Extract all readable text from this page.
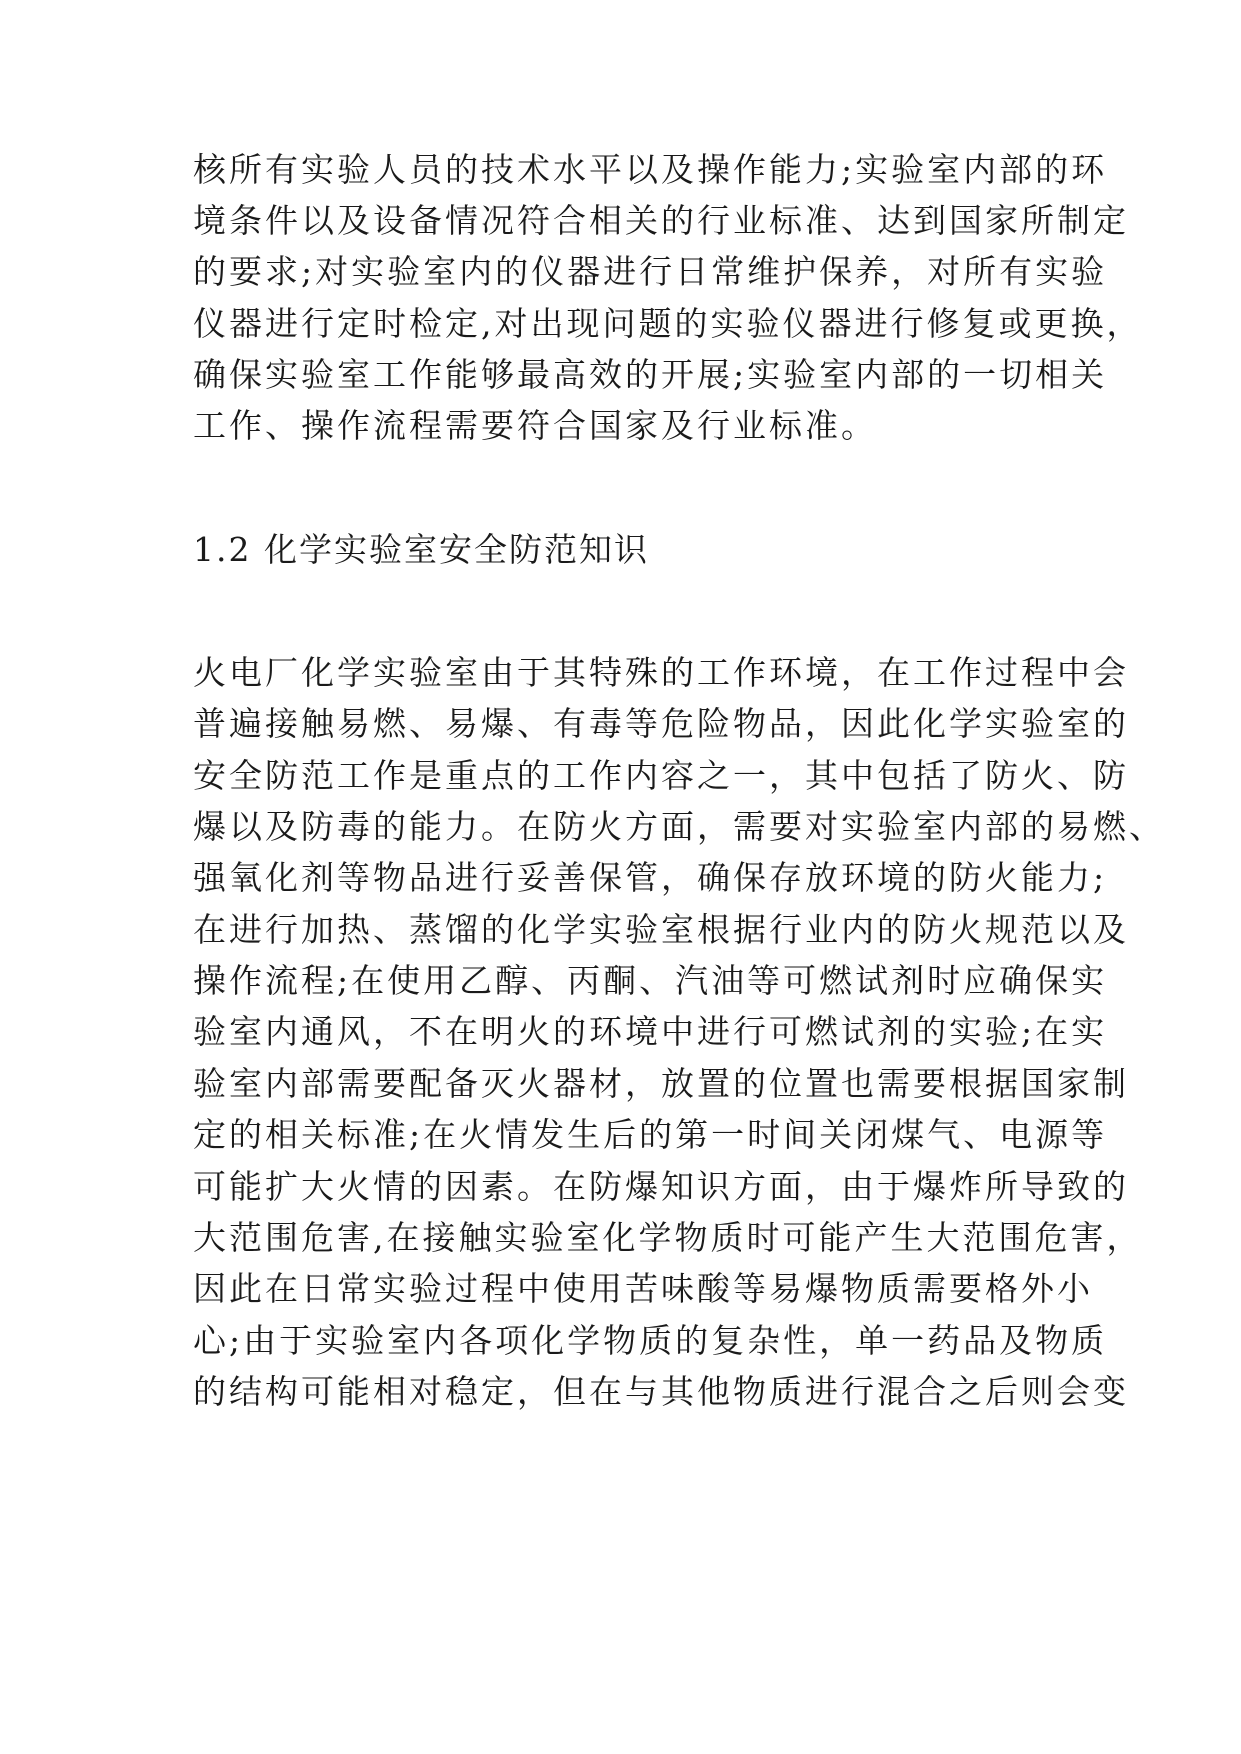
核所有实验人员的技术水平以及操作能力;实验室内部的环
境条件以及设备情况符合相关的行业标准、达到国家所制定
的要求;对实验室内的仪器进行日常维护保养，对所有实验
仪器进行定时检定,对出现问题的实验仪器进行修复或更换，
确保实验室工作能够最高效的开展;实验室内部的一切相关
工作、操作流程需要符合国家及行业标准。
1.2 化学实验室安全防范知识
火电厂化学实验室由于其特殊的工作环境，在工作过程中会
普遍接触易燃、易爆、有毒等危险物品，因此化学实验室的
安全防范工作是重点的工作内容之一，其中包括了防火、防
爆以及防毒的能力。在防火方面，需要对实验室内部的易燃、
强氧化剂等物品进行妥善保管，确保存放环境的防火能力;
在进行加热、蒸馏的化学实验室根据行业内的防火规范以及
操作流程;在使用乙醇、丙酮、汽油等可燃试剂时应确保实
验室内通风，不在明火的环境中进行可燃试剂的实验;在实
验室内部需要配备灭火器材，放置的位置也需要根据国家制
定的相关标准;在火情发生后的第一时间关闭煤气、电源等
可能扩大火情的因素。在防爆知识方面，由于爆炸所导致的
大范围危害,在接触实验室化学物质时可能产生大范围危害，
因此在日常实验过程中使用苦味酸等易爆物质需要格外小
心;由于实验室内各项化学物质的复杂性，单一药品及物质
的结构可能相对稳定，但在与其他物质进行混合之后则会变
